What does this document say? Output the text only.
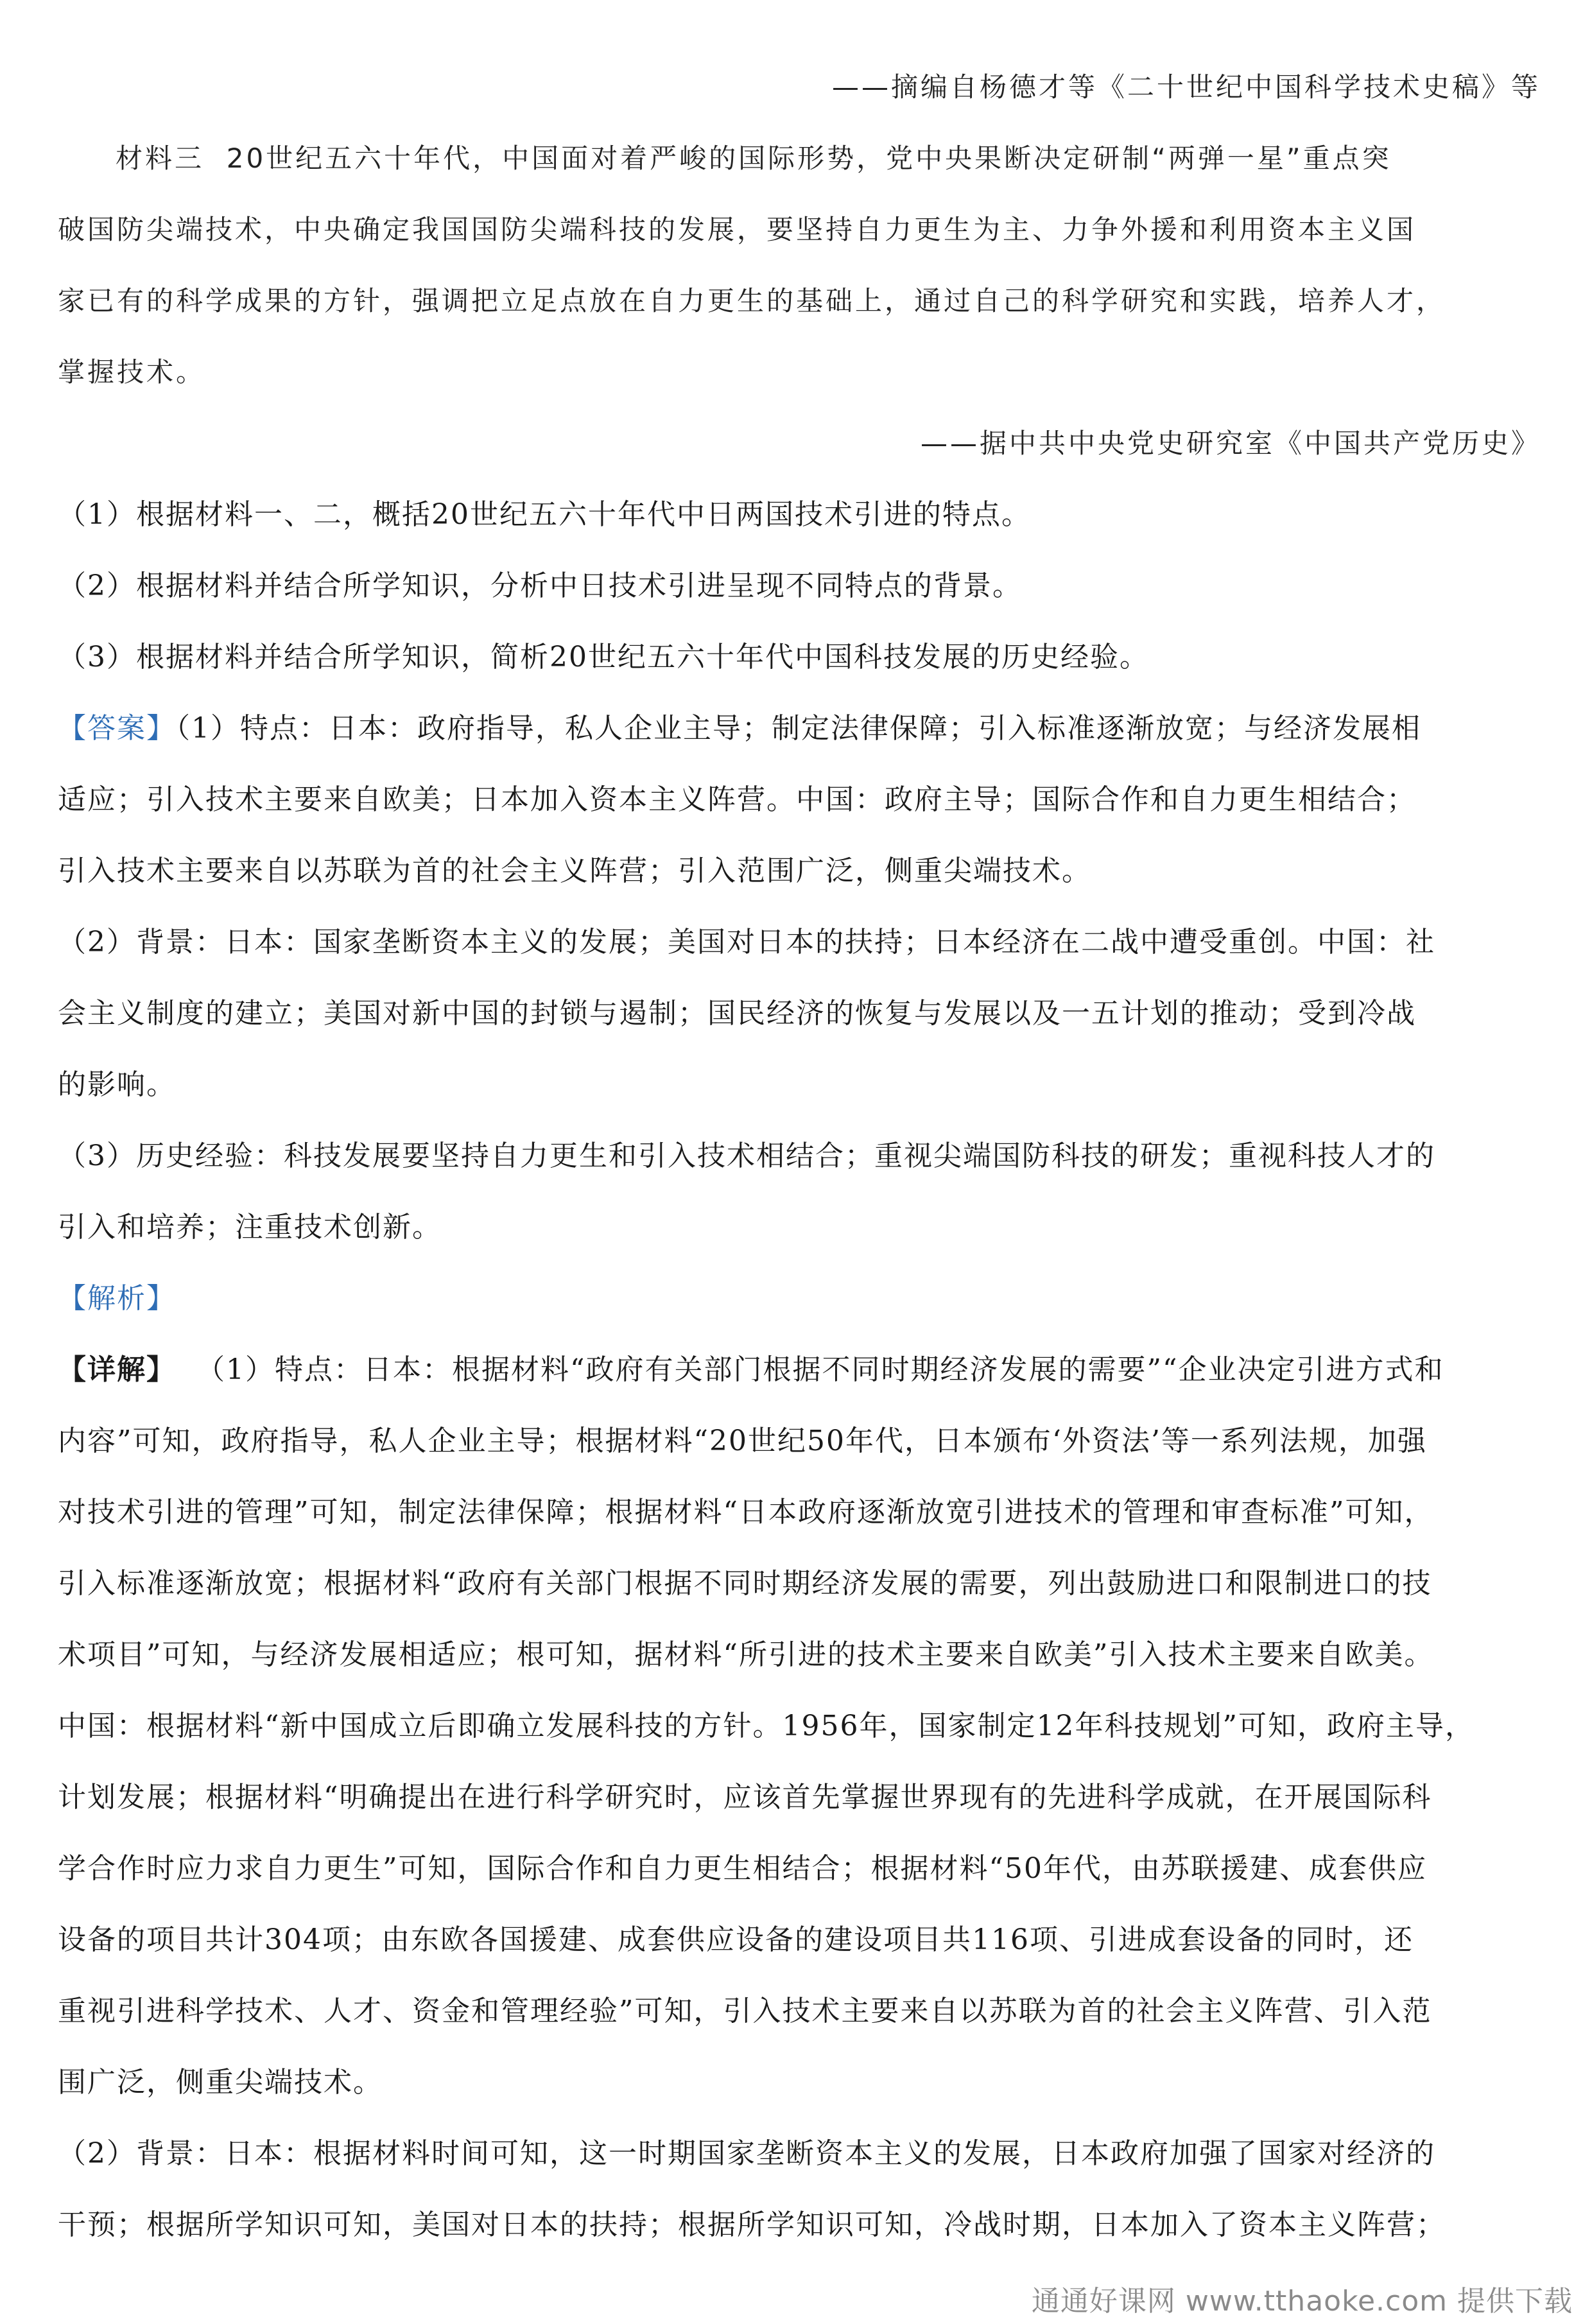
——摘编自杨德才等《二十世纪中国科学技术史稿》等
材料三 20世纪五六十年代，中国面对着严峻的国际形势，党中央果断决定研制“两弹一星”重点突
破国防尖端技术，中央确定我国国防尖端科技的发展，要坚持自力更生为主、力争外援和利用资本主义国
家已有的科学成果的方针，强调把立足点放在自力更生的基础上，通过自己的科学研究和实践，培养人才，
掌握技术。
——据中共中央党史研究室《中国共产党历史》
（1）根据材料一、二，概括20世纪五六十年代中日两国技术引进的特点。
（2）根据材料并结合所学知识，分析中日技术引进呈现不同特点的背景。
（3）根据材料并结合所学知识，简析20世纪五六十年代中国科技发展的历史经验。
【答案】（1）特点：日本：政府指导，私人企业主导；制定法律保障；引入标准逐渐放宽；与经济发展相
适应；引入技术主要来自欧美；日本加入资本主义阵营。中国：政府主导；国际合作和自力更生相结合；
引入技术主要来自以苏联为首的社会主义阵营；引入范围广泛，侧重尖端技术。
（2）背景：日本：国家垄断资本主义的发展；美国对日本的扶持；日本经济在二战中遭受重创。中国：社
会主义制度的建立；美国对新中国的封锁与遏制；国民经济的恢复与发展以及一五计划的推动；受到冷战
的影响。
（3）历史经验：科技发展要坚持自力更生和引入技术相结合；重视尖端国防科技的研发；重视科技人才的
引入和培养；注重技术创新。
【解析】
【详解】 （1）特点：日本：根据材料“政府有关部门根据不同时期经济发展的需要”“企业决定引进方式和
内容”可知，政府指导，私人企业主导；根据材料“20世纪50年代，日本颁布‘外资法’等一系列法规，加强
对技术引进的管理”可知，制定法律保障；根据材料“日本政府逐渐放宽引进技术的管理和审查标准”可知，
引入标准逐渐放宽；根据材料“政府有关部门根据不同时期经济发展的需要，列出鼓励进口和限制进口的技
术项目”可知，与经济发展相适应；根可知，据材料“所引进的技术主要来自欧美”引入技术主要来自欧美。
中国：根据材料“新中国成立后即确立发展科技的方针。1956年，国家制定12年科技规划”可知，政府主导，
计划发展；根据材料“明确提出在进行科学研究时，应该首先掌握世界现有的先进科学成就，在开展国际科
学合作时应力求自力更生”可知，国际合作和自力更生相结合；根据材料“50年代，由苏联援建、成套供应
设备的项目共计304项；由东欧各国援建、成套供应设备的建设项目共116项、引进成套设备的同时，还
重视引进科学技术、人才、资金和管理经验”可知，引入技术主要来自以苏联为首的社会主义阵营、引入范
围广泛，侧重尖端技术。
（2）背景：日本：根据材料时间可知，这一时期国家垄断资本主义的发展，日本政府加强了国家对经济的
干预；根据所学知识可知，美国对日本的扶持；根据所学知识可知，冷战时期，日本加入了资本主义阵营；
通通好课网 www.tthaoke.com 提供下载
